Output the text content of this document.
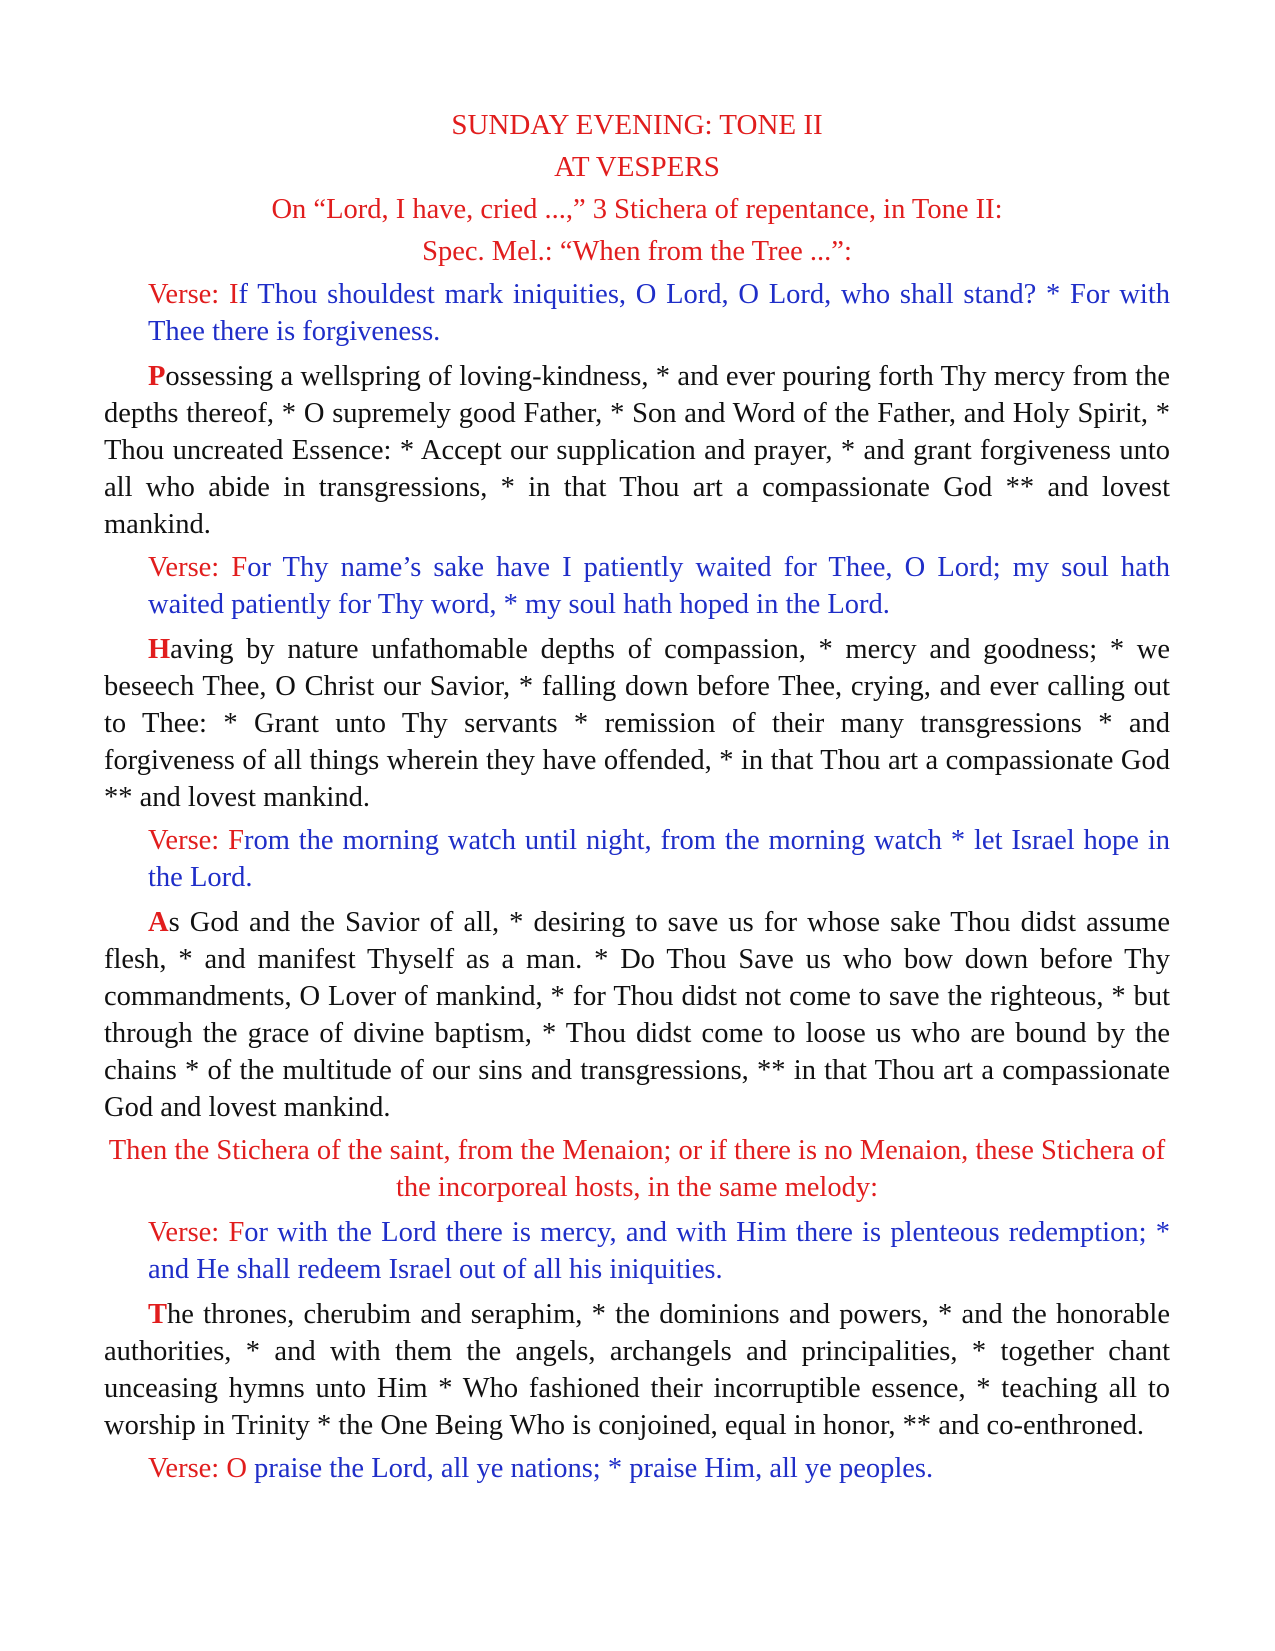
SUNDAY EVENING: TONE II
AT VESPERS
On “Lord, I have, cried ...,” 3 Stichera of repentance, in Tone II:
Spec. Mel.: “When from the Tree ...”:

Verse: If Thou shouldest mark iniquities, O Lord, O Lord, who shall stand? * For with Thee there is forgiveness.

Possessing a wellspring of loving-kindness, * and ever pouring forth Thy mercy from the depths thereof, * O supremely good Father, * Son and Word of the Father, and Holy Spirit, * Thou uncreated Essence: * Accept our supplication and prayer, * and grant forgiveness unto all who abide in transgressions, * in that Thou art a compassionate God ** and lovest mankind.

Verse: For Thy name’s sake have I patiently waited for Thee, O Lord; my soul hath waited patiently for Thy word, * my soul hath hoped in the Lord.

Having by nature unfathomable depths of compassion, * mercy and goodness; * we beseech Thee, O Christ our Savior, * falling down before Thee, crying, and ever calling out to Thee: * Grant unto Thy servants * remission of their many transgressions * and forgiveness of all things wherein they have offended, * in that Thou art a compassionate God ** and lovest mankind.

Verse: From the morning watch until night, from the morning watch * let Israel hope in the Lord.

As God and the Savior of all, * desiring to save us for whose sake Thou didst assume flesh, * and manifest Thyself as a man. * Do Thou Save us who bow down before Thy commandments, O Lover of mankind, * for Thou didst not come to save the righteous, * but through the grace of divine baptism, * Thou didst come to loose us who are bound by the chains * of the multitude of our sins and transgressions, ** in that Thou art a compassionate God and lovest mankind.

Then the Stichera of the saint, from the Menaion; or if there is no Menaion, these Stichera of the incorporeal hosts, in the same melody:

Verse: For with the Lord there is mercy, and with Him there is plenteous redemption; * and He shall redeem Israel out of all his iniquities.

The thrones, cherubim and seraphim, * the dominions and powers, * and the honorable authorities, * and with them the angels, archangels and principalities, * together chant unceasing hymns unto Him * Who fashioned their incorruptible essence, * teaching all to worship in Trinity * the One Being Who is conjoined, equal in honor, ** and co-enthroned.

Verse: O praise the Lord, all ye nations; * praise Him, all ye peoples.
